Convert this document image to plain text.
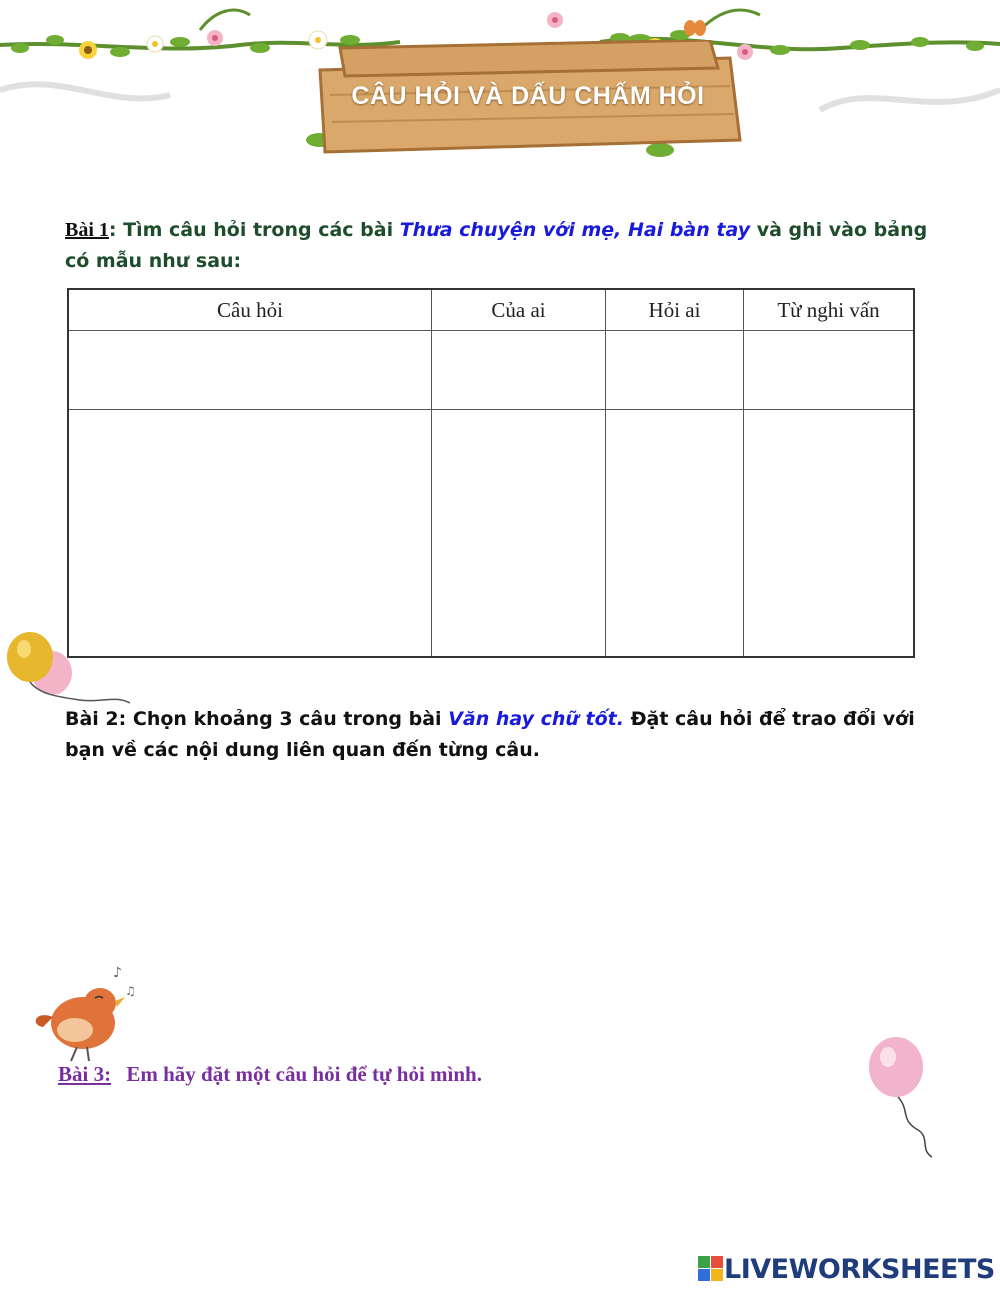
CÂU HỎI VÀ DẤU CHẤM HỎI
Bài 1: Tìm câu hỏi trong các bài Thưa chuyện với mẹ, Hai bàn tay và ghi vào bảng có mẫu như sau:
Câu hỏi	Của ai	Hỏi ai	Từ nghi vấn

Bài 2: Chọn khoảng 3 câu trong bài Văn hay chữ tốt. Đặt câu hỏi để trao đổi với bạn về các nội dung liên quan đến từng câu.
♪
♫
Bài 3: Em hãy đặt một câu hỏi để tự hỏi mình.
LIVEWORKSHEETS
